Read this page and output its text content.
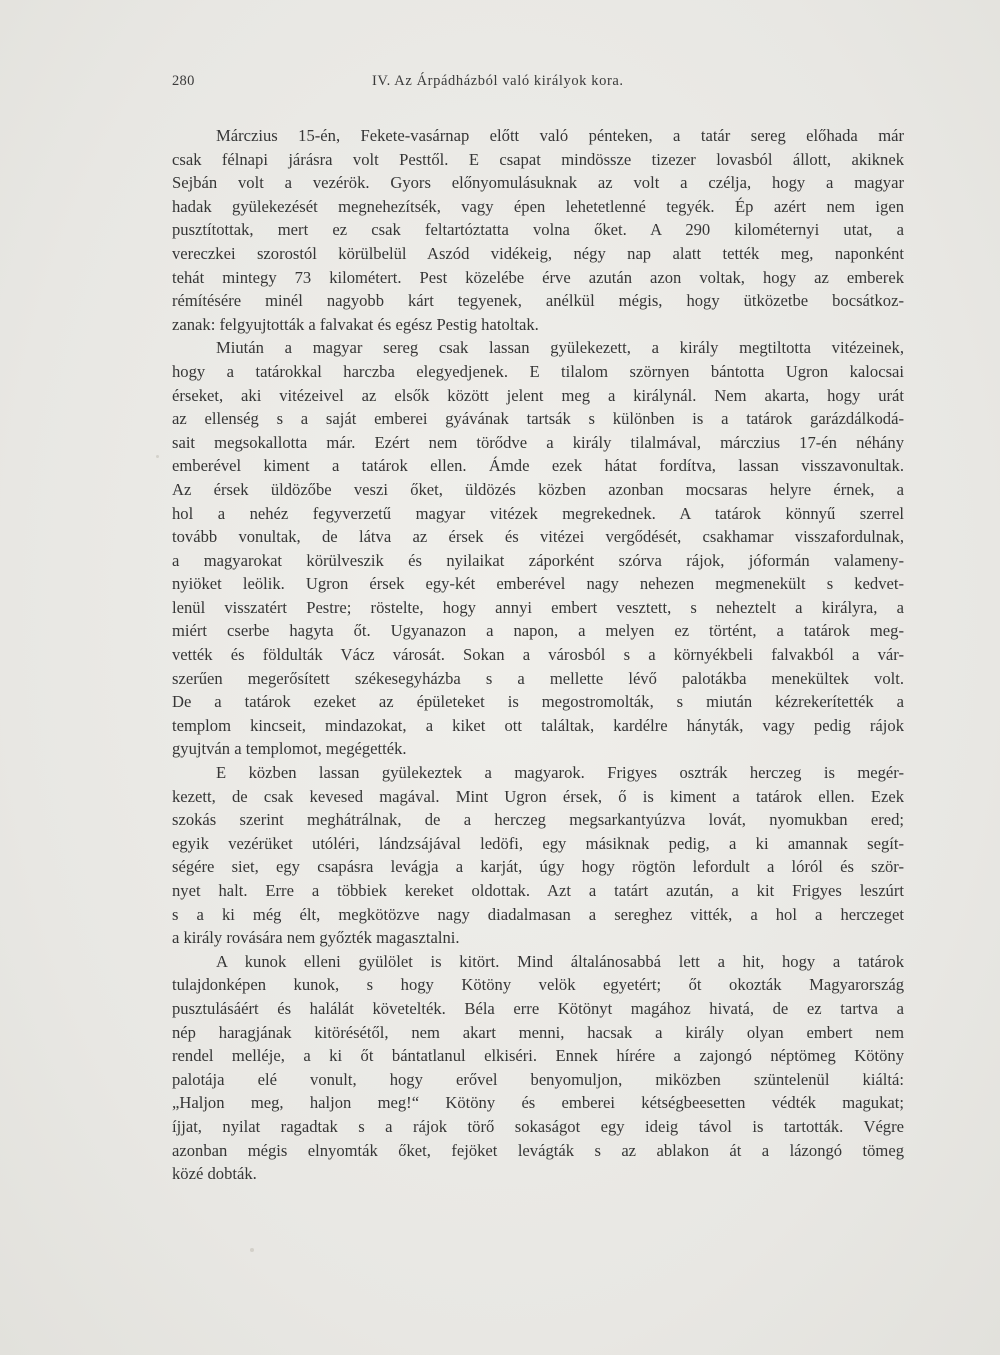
280	IV. Az Árpádházból való királyok kora.

Márczius 15-én, Fekete-vasárnap előtt való pénteken, a tatár sereg előhada már
csak félnapi járásra volt Pesttől. E csapat mindössze tizezer lovasból állott, akiknek
Sejbán volt a vezérök. Gyors előnyomulásuknak az volt a czélja, hogy a magyar
hadak gyülekezését megnehezítsék, vagy épen lehetetlenné tegyék. Ép azért nem igen
pusztítottak, mert ez csak feltartóztatta volna őket. A 290 kilométernyi utat, a
vereczkei szorostól körülbelül Aszód vidékeig, négy nap alatt tették meg, naponként
tehát mintegy 73 kilométert. Pest közelébe érve azután azon voltak, hogy az emberek
rémítésére minél nagyobb kárt tegyenek, anélkül mégis, hogy ütközetbe bocsátkoz-
zanak: felgyujtották a falvakat és egész Pestig hatoltak.

Miután a magyar sereg csak lassan gyülekezett, a király megtiltotta vitézeinek,
hogy a tatárokkal harczba elegyedjenek. E tilalom szörnyen bántotta Ugron kalocsai
érseket, aki vitézeivel az elsők között jelent meg a királynál. Nem akarta, hogy urát
az ellenség s a saját emberei gyávának tartsák s különben is a tatárok garázdálkodá-
sait megsokallotta már. Ezért nem törődve a király tilalmával, márczius 17-én néhány
emberével kiment a tatárok ellen. Ámde ezek hátat fordítva, lassan visszavonultak.
Az érsek üldözőbe veszi őket, üldözés közben azonban mocsaras helyre érnek, a
hol a nehéz fegyverzetű magyar vitézek megrekednek. A tatárok könnyű szerrel
tovább vonultak, de látva az érsek és vitézei vergődését, csakhamar visszafordulnak,
a magyarokat körülveszik és nyilaikat záporként szórva rájok, jóformán valameny-
nyiöket leölik. Ugron érsek egy-két emberével nagy nehezen megmenekült s kedvet-
lenül visszatért Pestre; röstelte, hogy annyi embert vesztett, s neheztelt a királyra, a
miért cserbe hagyta őt. Ugyanazon a napon, a melyen ez történt, a tatárok meg-
vették és földulták Vácz városát. Sokan a városból s a környékbeli falvakból a vár-
szerűen megerősített székesegyházba s a mellette lévő palotákba menekültek volt.
De a tatárok ezeket az épületeket is megostromolták, s miután kézrekerítették a
templom kincseit, mindazokat, a kiket ott találtak, kardélre hányták, vagy pedig rájok
gyujtván a templomot, megégették.

E közben lassan gyülekeztek a magyarok. Frigyes osztrák herczeg is megér-
kezett, de csak kevesed magával. Mint Ugron érsek, ő is kiment a tatárok ellen. Ezek
szokás szerint meghátrálnak, de a herczeg megsarkantyúzva lovát, nyomukban ered;
egyik vezérüket utóléri, lándzsájával ledöfi, egy másiknak pedig, a ki amannak segít-
ségére siet, egy csapásra levágja a karját, úgy hogy rögtön lefordult a lóról és ször-
nyet halt. Erre a többiek kereket oldottak. Azt a tatárt azután, a kit Frigyes leszúrt
s a ki még élt, megkötözve nagy diadalmasan a sereghez vitték, a hol a herczeget
a király rovására nem győzték magasztalni.

A kunok elleni gyülölet is kitört. Mind általánosabbá lett a hit, hogy a tatárok
tulajdonképen kunok, s hogy Kötöny velök egyetért; őt okozták Magyarország
pusztulásáért és halálát követelték. Béla erre Kötönyt magához hivatá, de ez tartva a
nép haragjának kitörésétől, nem akart menni, hacsak a király olyan embert nem
rendel melléje, a ki őt bántatlanul elkiséri. Ennek hírére a zajongó néptömeg Kötöny
palotája elé vonult, hogy erővel benyomuljon, miközben szüntelenül kiáltá:
„Haljon meg, haljon meg!“ Kötöny és emberei kétségbeesetten védték magukat;
íjjat, nyilat ragadtak s a rájok törő sokaságot egy ideig távol is tartották. Végre
azonban mégis elnyomták őket, fejöket levágták s az ablakon át a lázongó tömeg
közé dobták.
